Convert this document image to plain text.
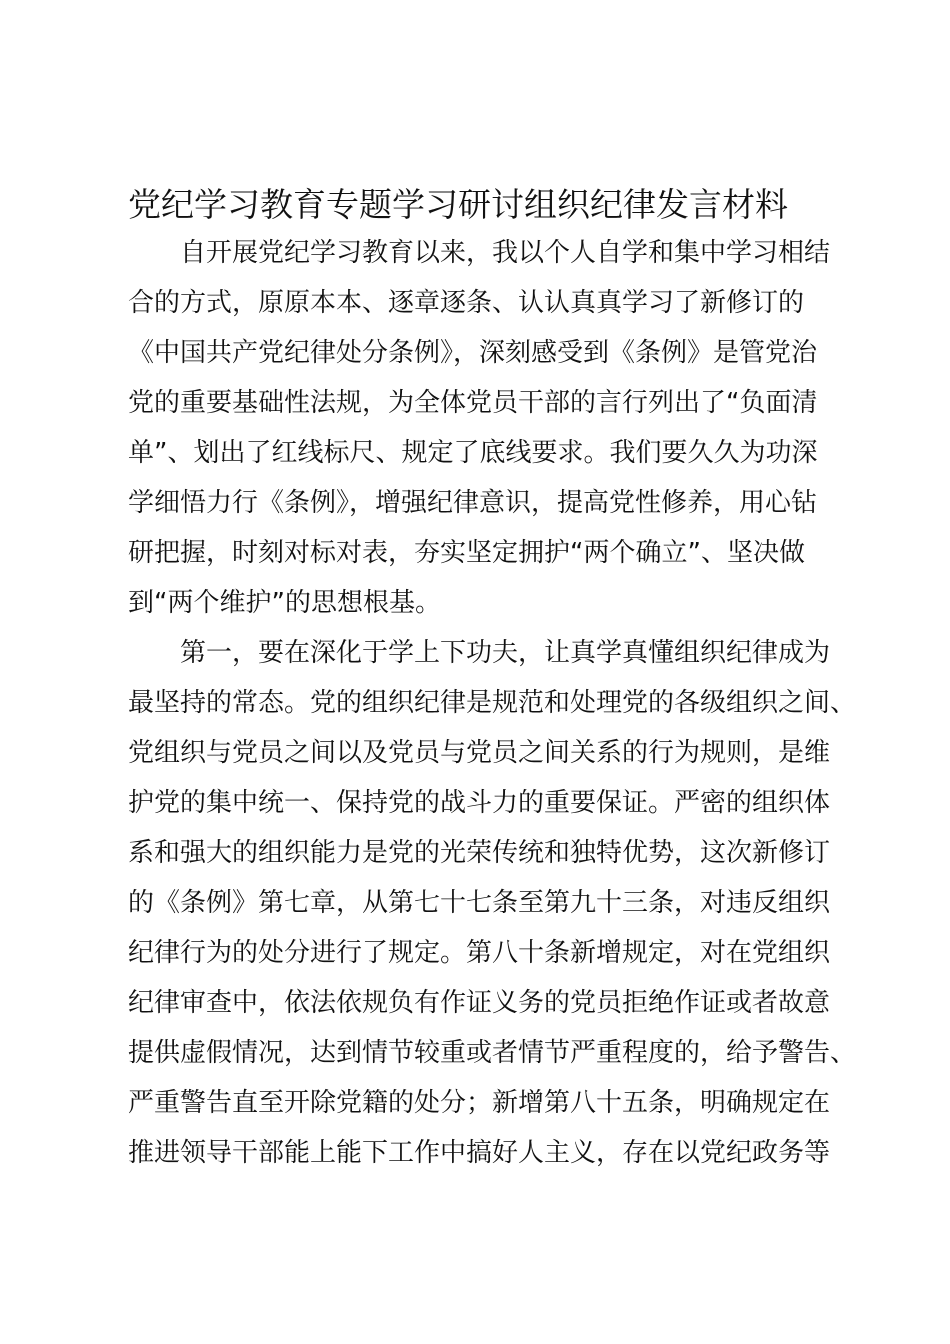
党纪学习教育专题学习研讨组织纪律发言材料
　　自开展党纪学习教育以来，我以个人自学和集中学习相结
合的方式，原原本本、逐章逐条、认认真真学习了新修订的
《中国共产党纪律处分条例》，深刻感受到《条例》是管党治
党的重要基础性法规，为全体党员干部的言行列出了“负面清
单”、划出了红线标尺、规定了底线要求。我们要久久为功深
学细悟力行《条例》，增强纪律意识，提高党性修养，用心钻
研把握，时刻对标对表，夯实坚定拥护“两个确立”、坚决做
到“两个维护”的思想根基。
　　第一，要在深化于学上下功夫，让真学真懂组织纪律成为
最坚持的常态。党的组织纪律是规范和处理党的各级组织之间、
党组织与党员之间以及党员与党员之间关系的行为规则，是维
护党的集中统一、保持党的战斗力的重要保证。严密的组织体
系和强大的组织能力是党的光荣传统和独特优势，这次新修订
的《条例》第七章，从第七十七条至第九十三条，对违反组织
纪律行为的处分进行了规定。第八十条新增规定，对在党组织
纪律审查中，依法依规负有作证义务的党员拒绝作证或者故意
提供虚假情况，达到情节较重或者情节严重程度的，给予警告、
严重警告直至开除党籍的处分；新增第八十五条，明确规定在
推进领导干部能上能下工作中搞好人主义，存在以党纪政务等
